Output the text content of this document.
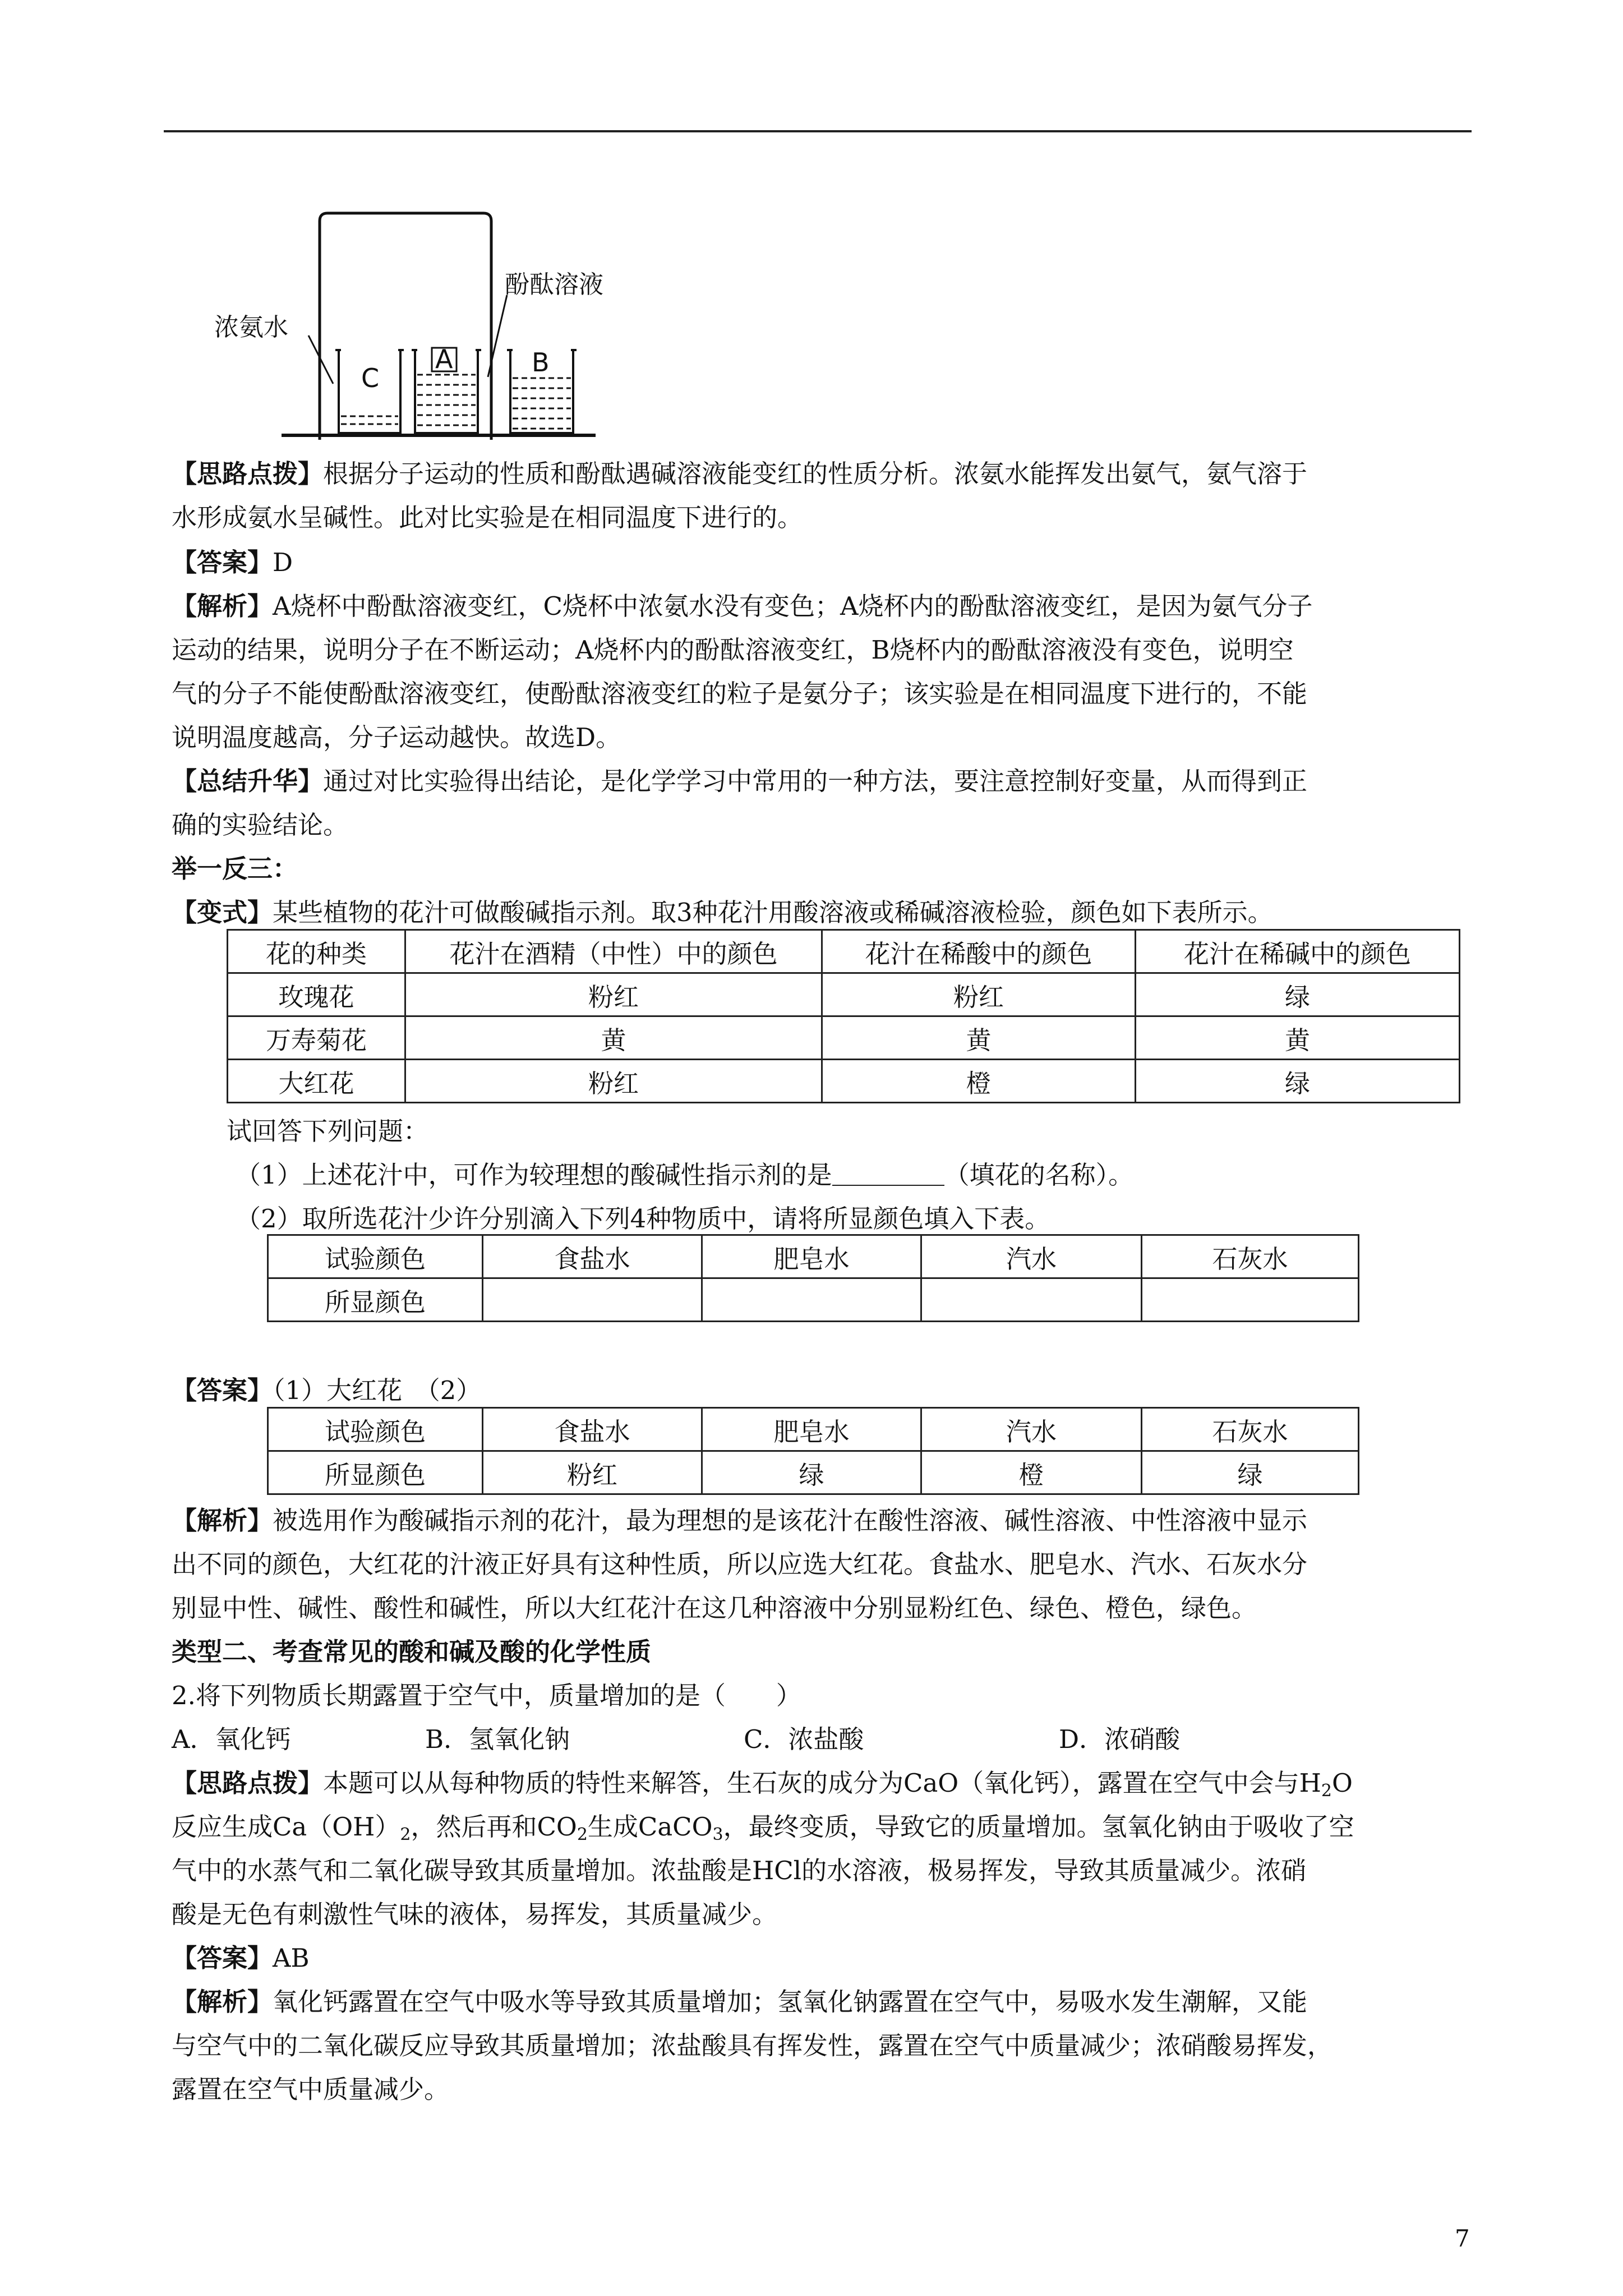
C
A	B
浓氨水
酚酞溶液
【思路点拨】根据分子运动的性质和酚酞遇碱溶液能变红的性质分析。浓氨水能挥发出氨气，氨气溶于
水形成氨水呈碱性。此对比实验是在相同温度下进行的。
【答案】D
【解析】A烧杯中酚酞溶液变红，C烧杯中浓氨水没有变色；A烧杯内的酚酞溶液变红，是因为氨气分子
运动的结果，说明分子在不断运动；A烧杯内的酚酞溶液变红，B烧杯内的酚酞溶液没有变色，说明空
气的分子不能使酚酞溶液变红，使酚酞溶液变红的粒子是氨分子；该实验是在相同温度下进行的，不能
说明温度越高，分子运动越快。故选D。
【总结升华】通过对比实验得出结论，是化学学习中常用的一种方法，要注意控制好变量，从而得到正
确的实验结论。
举一反三：
【变式】某些植物的花汁可做酸碱指示剂。取3种花汁用酸溶液或稀碱溶液检验，颜色如下表所示。
花的种类	花汁在酒精（中性）中的颜色	花汁在稀酸中的颜色	花汁在稀碱中的颜色
玫瑰花	粉红	粉红	绿
万寿菊花	黄	黄	黄
大红花	粉红	橙	绿
试回答下列问题：
（1）上述花汁中，可作为较理想的酸碱性指示剂的是	（填花的名称）。
（2）取所选花汁少许分别滴入下列4种物质中，请将所显颜色填入下表。
试验颜色	食盐水	肥皂水	汽水	石灰水
所显颜色				
【答案】（1）大红花　（2）
试验颜色	食盐水	肥皂水	汽水	石灰水
所显颜色	粉红	绿	橙	绿
【解析】被选用作为酸碱指示剂的花汁，最为理想的是该花汁在酸性溶液、碱性溶液、中性溶液中显示
出不同的颜色，大红花的汁液正好具有这种性质，所以应选大红花。食盐水、肥皂水、汽水、石灰水分
别显中性、碱性、酸性和碱性，所以大红花汁在这几种溶液中分别显粉红色、绿色、橙色，绿色。
类型二、考查常见的酸和碱及酸的化学性质
2.将下列物质长期露置于空气中，质量增加的是（　　）
A．氧化钙	B．氢氧化钠	C．浓盐酸	D．浓硝酸
【思路点拨】本题可以从每种物质的特性来解答，生石灰的成分为CaO（氧化钙），露置在空气中会与$H_2O$
反应生成$Ca(OH)_2$，然后再和$CO_2$生成CaCO$_3$，最终变质，导致它的质量增加。氢氧化钠由于吸收了空
气中的水蒸气和二氧化碳导致其质量增加。浓盐酸是HCl的水溶液，极易挥发，导致其质量减少。浓硝
酸是无色有刺激性气味的液体，易挥发，其质量减少。
【答案】AB
【解析】氧化钙露置在空气中吸水等导致其质量增加；氢氧化钠露置在空气中，易吸水发生潮解，又能
与空气中的二氧化碳反应导致其质量增加；浓盐酸具有挥发性，露置在空气中质量减少；浓硝酸易挥发，
露置在空气中质量减少。
7
